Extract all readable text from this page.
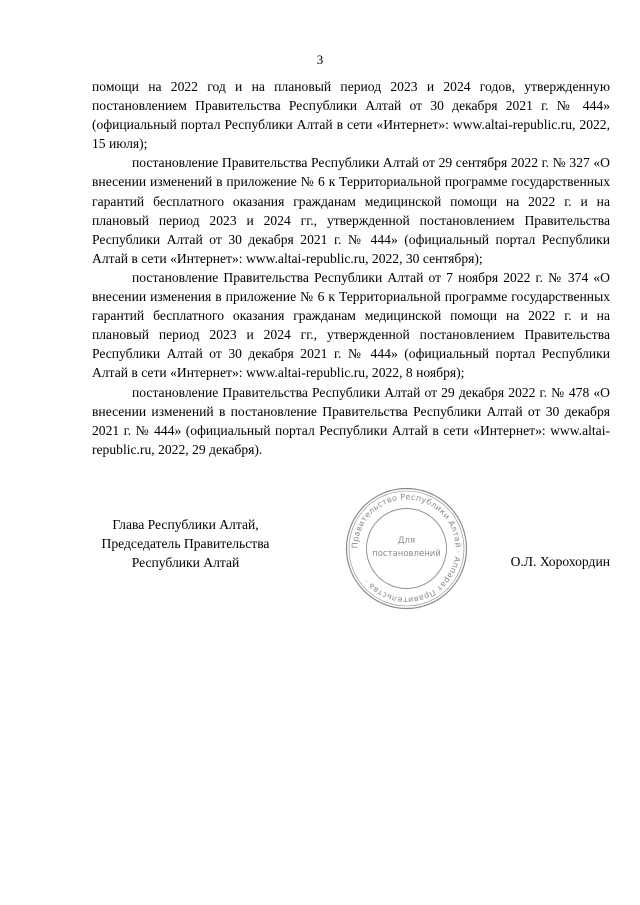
3

помощи на 2022 год и на плановый период 2023 и 2024 годов, утвержденную постановлением Правительства Республики Алтай от 30 декабря 2021 г. № 444» (официальный портал Республики Алтай в сети «Интернет»: www.altai-republic.ru, 2022, 15 июля);

постановление Правительства Республики Алтай от 29 сентября 2022 г. № 327 «О внесении изменений в приложение № 6 к Территориальной программе государственных гарантий бесплатного оказания гражданам медицинской помощи на 2022 г. и на плановый период 2023 и 2024 гг., утвержденной постановлением Правительства Республики Алтай от 30 декабря 2021 г. № 444» (официальный портал Республики Алтай в сети «Интернет»: www.altai-republic.ru, 2022, 30 сентября);

постановление Правительства Республики Алтай от 7 ноября 2022 г. № 374 «О внесении изменения в приложение № 6 к Территориальной программе государственных гарантий бесплатного оказания гражданам медицинской помощи на 2022 г. и на плановый период 2023 и 2024 гг., утвержденной постановлением Правительства Республики Алтай от 30 декабря 2021 г. № 444» (официальный портал Республики Алтай в сети «Интернет»: www.altai-republic.ru, 2022, 8 ноября);

постановление Правительства Республики Алтай от 29 декабря 2022 г. № 478 «О внесении изменений в постановление Правительства Республики Алтай от 30 декабря 2021 г. № 444» (официальный портал Республики Алтай в сети «Интернет»: www.altai-republic.ru, 2022, 29 декабря).

Глава Республики Алтай,
Председатель Правительства
Республики Алтай
Правительство Республики Алтай · Аппарат Правительства ·
Для
постановлений	О.Л. Хорохордин
